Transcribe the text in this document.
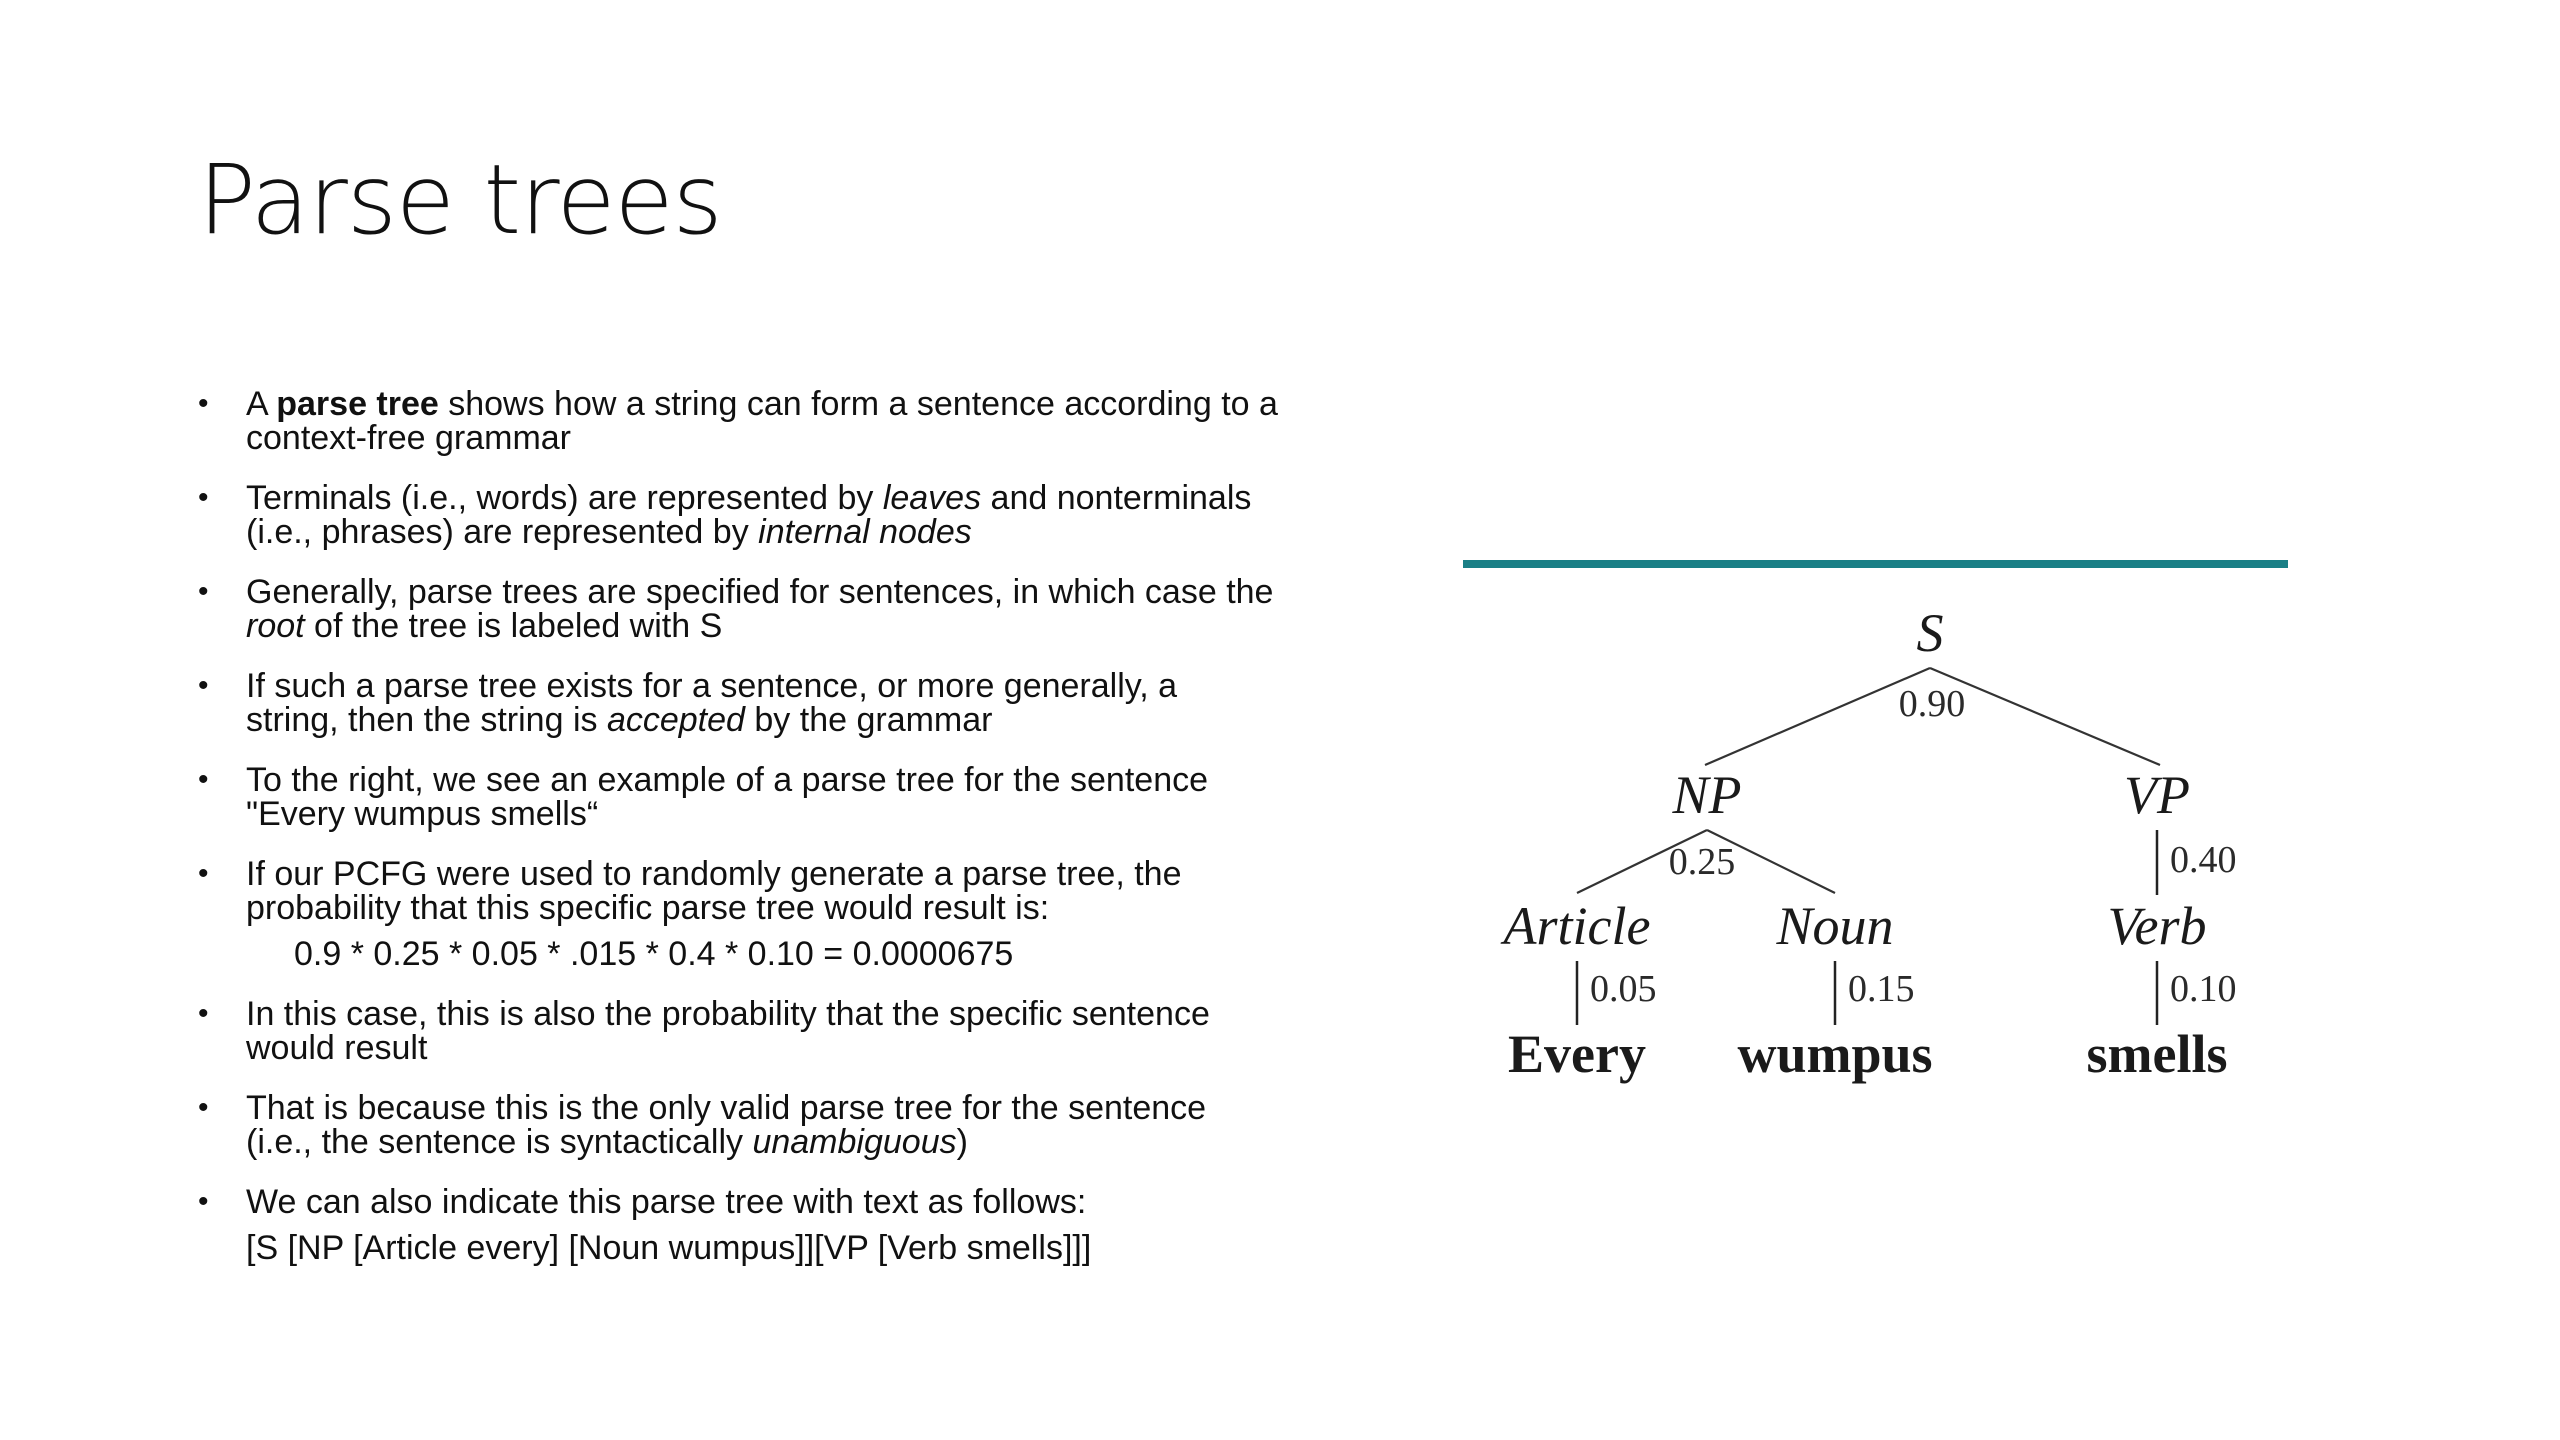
Parse trees
• A parse tree shows how a string can form a sentence according to a context-free grammar
• Terminals (i.e., words) are represented by leaves and nonterminals (i.e., phrases) are represented by internal nodes
• Generally, parse trees are specified for sentences, in which case the root of the tree is labeled with S
• If such a parse tree exists for a sentence, or more generally, a string, then the string is accepted by the grammar
• To the right, we see an example of a parse tree for the sentence "Every wumpus smells“
• If our PCFG were used to randomly generate a parse tree, the probability that this specific parse tree would result is:
0.9 * 0.25 * 0.05 * .015 * 0.4 * 0.10 = 0.0000675
• In this case, this is also the probability that the specific sentence would result
• That is because this is the only valid parse tree for the sentence (i.e., the sentence is syntactically unambiguous)
• We can also indicate this parse tree with text as follows:
[S [NP [Article every] [Noun wumpus]][VP [Verb smells]]]
S
NP	VP
Article Noun	Verb
0.90
0.25	0.40
0.05	0.15	0.10
Every wumpus	smells
